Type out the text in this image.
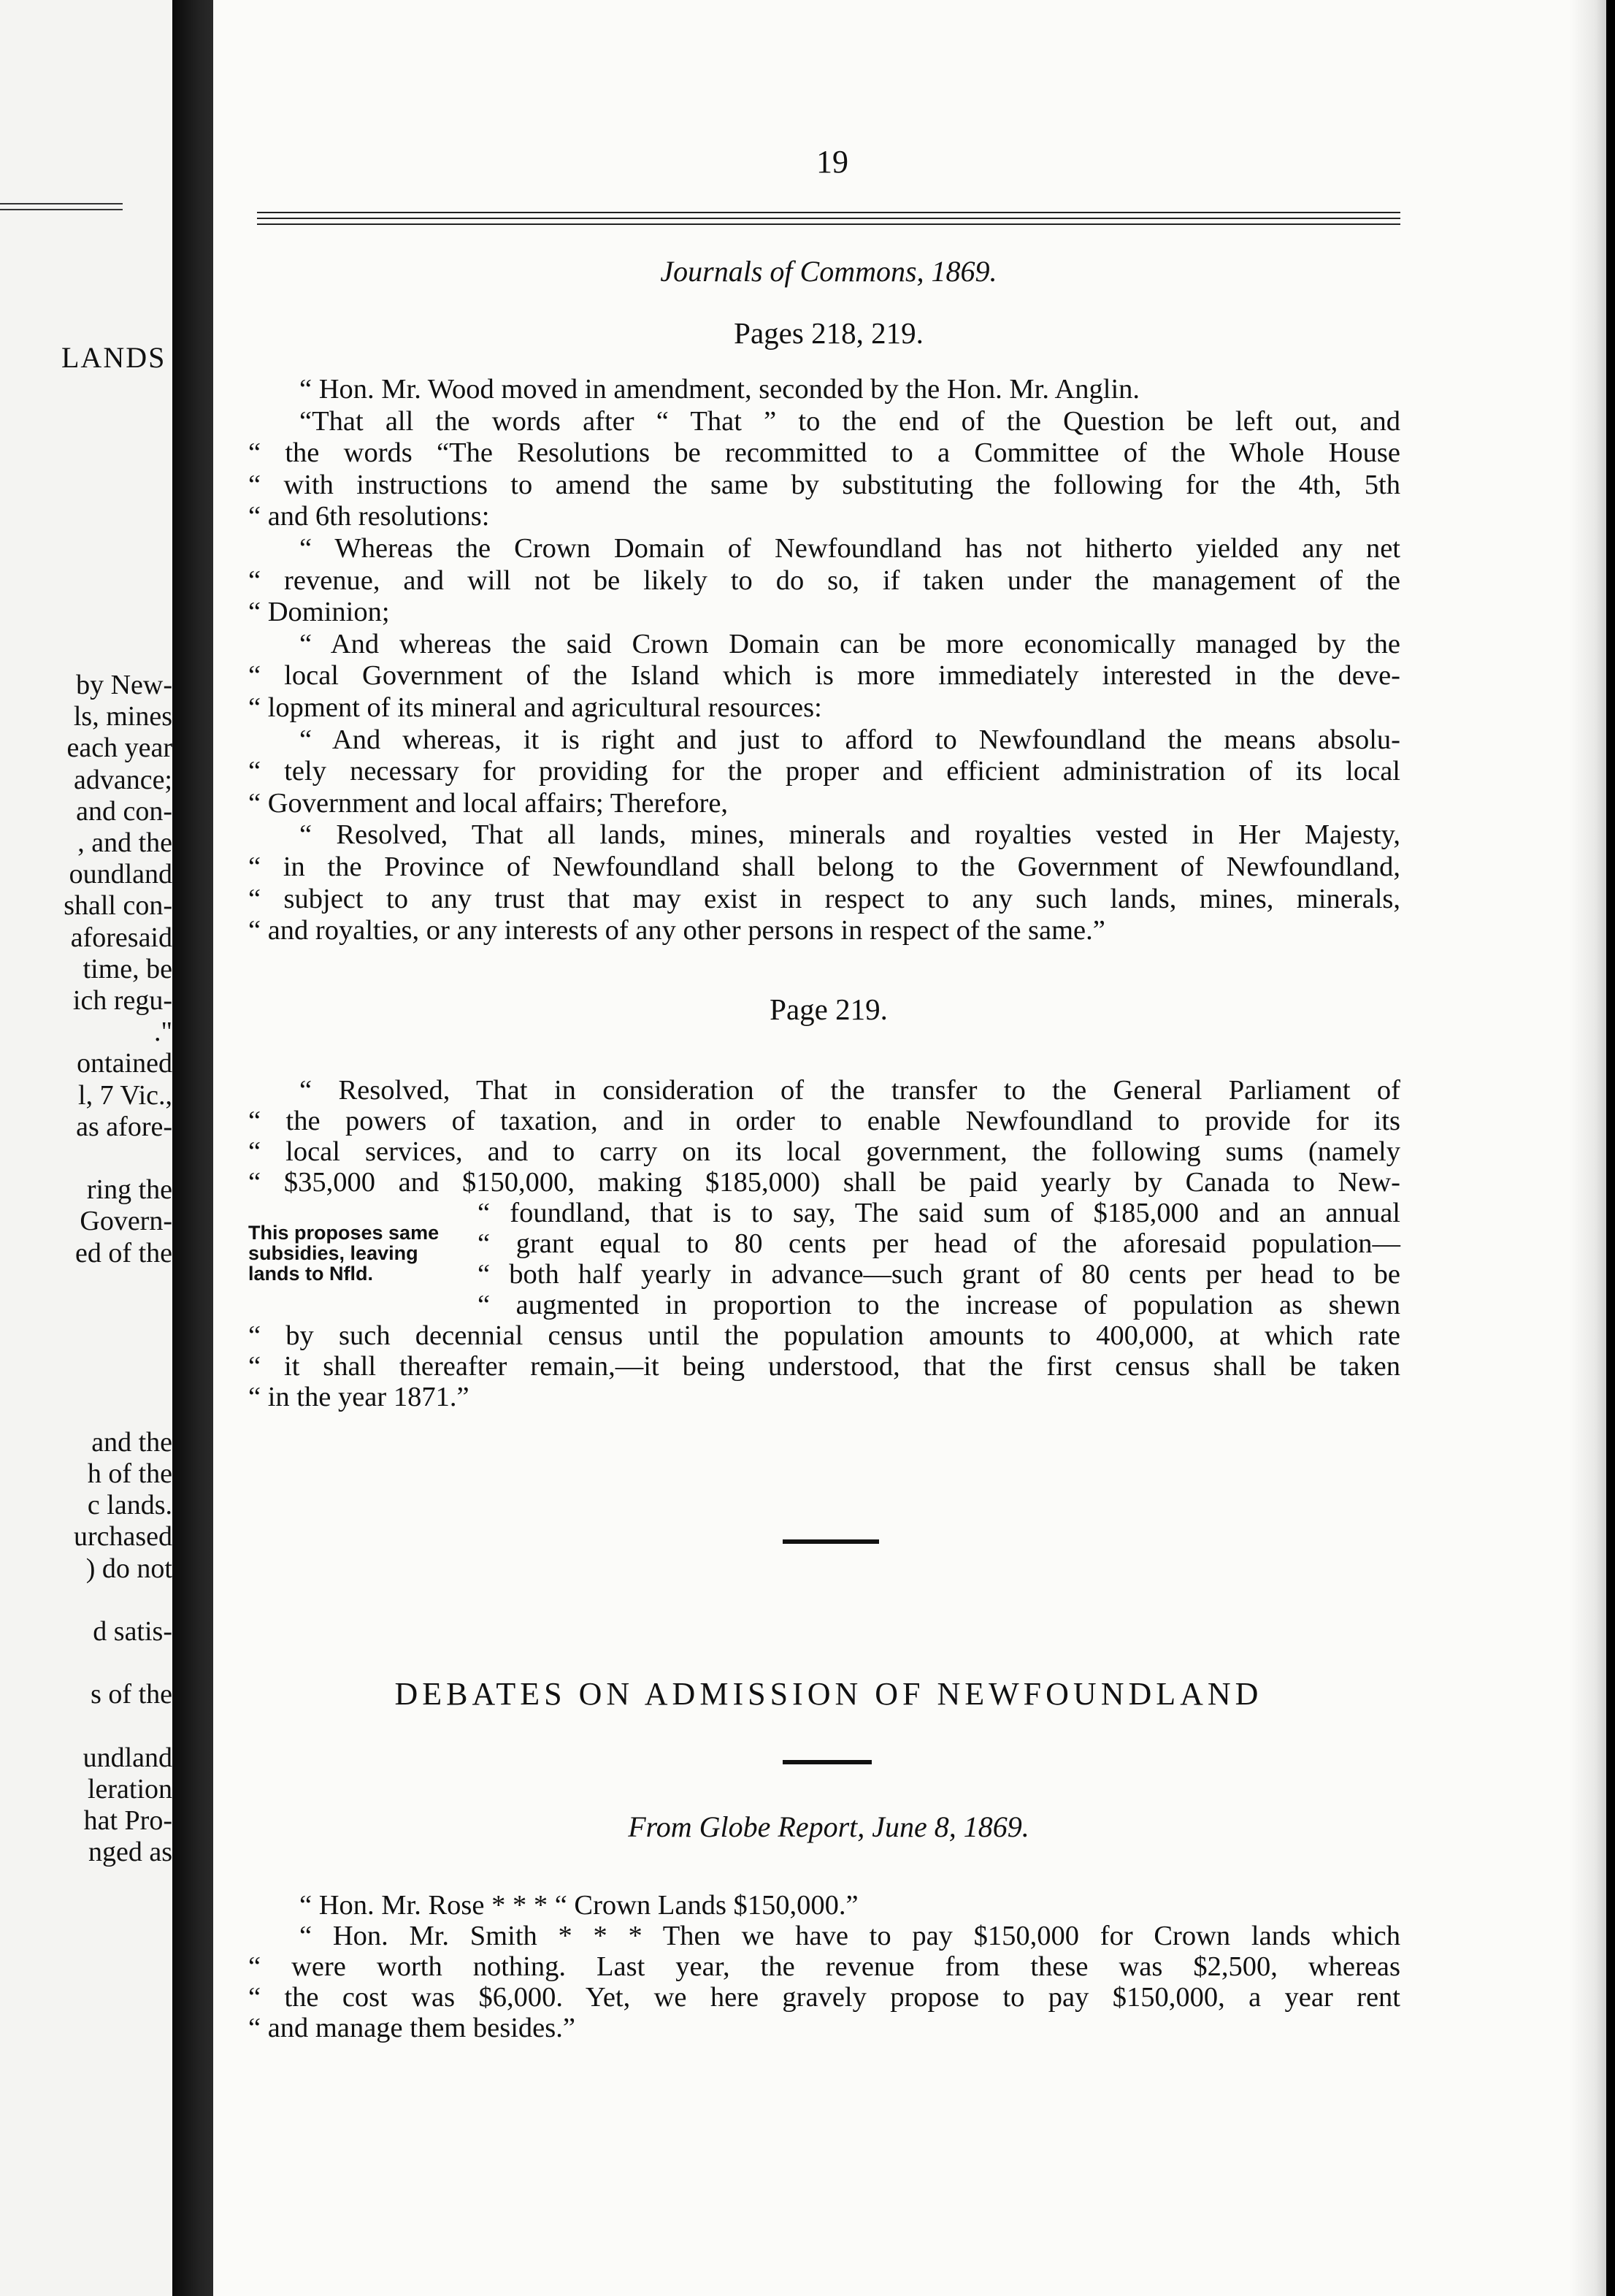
LANDS
by New-
ls, mines
each year
advance;
and con-
, and the
oundland
shall con-
aforesaid
time, be
ich regu-
."
ontained
l, 7 Vic.,
as afore-
ring the
Govern-
ed of the
and the
h of the
c lands.
urchased
) do not
d satis-
s of the
undland
leration
hat Pro-
nged as
19
Journals of Commons, 1869.
Pages 218, 219.
“ Hon. Mr. Wood moved in amendment, seconded by the Hon. Mr. Anglin.
“That all the words after “ That ” to the end of the Question be left out, and
“ the words “The Resolutions be recommitted to a Committee of the Whole House
“ with instructions to amend the same by substituting the following for the 4th, 5th
“ and 6th resolutions:
“ Whereas the Crown Domain of Newfoundland has not hitherto yielded any net
“ revenue, and will not be likely to do so, if taken under the management of the
“ Dominion;
“ And whereas the said Crown Domain can be more economically managed by the
“ local Government of the Island which is more immediately interested in the deve-
“ lopment of its mineral and agricultural resources:
“ And whereas, it is right and just to afford to Newfoundland the means absolu-
“ tely necessary for providing for the proper and efficient administration of its local
“ Government and local affairs; Therefore,
“ Resolved, That all lands, mines, minerals and royalties vested in Her Majesty,
“ in the Province of Newfoundland shall belong to the Government of Newfoundland,
“ subject to any trust that may exist in respect to any such lands, mines, minerals,
“ and royalties, or any interests of any other persons in respect of the same.”
Page 219.
“ Resolved, That in consideration of the transfer to the General Parliament of
“ the powers of taxation, and in order to enable Newfoundland to provide for its
“ local services, and to carry on its local government, the following sums (namely
“ $35,000 and $150,000, making $185,000) shall be paid yearly by Canada to New-
“ foundland, that is to say, The said sum of $185,000 and an annual
“ grant equal to 80 cents per head of the aforesaid population—
“ both half yearly in advance—such grant of 80 cents per head to be
“ augmented in proportion to the increase of population as shewn
“ by such decennial census until the population amounts to 400,000, at which rate
“ it shall thereafter remain,—it being understood, that the first census shall be taken
“ in the year 1871.”
This proposes same
subsidies, leaving
lands to Nfld.
DEBATES ON ADMISSION OF NEWFOUNDLAND
From Globe Report, June 8, 1869.
“ Hon. Mr. Rose * * * “ Crown Lands $150,000.”
“ Hon. Mr. Smith * * * Then we have to pay $150,000 for Crown lands which
“ were worth nothing. Last year, the revenue from these was $2,500, whereas
“ the cost was $6,000. Yet, we here gravely propose to pay $150,000, a year rent
“ and manage them besides.”
